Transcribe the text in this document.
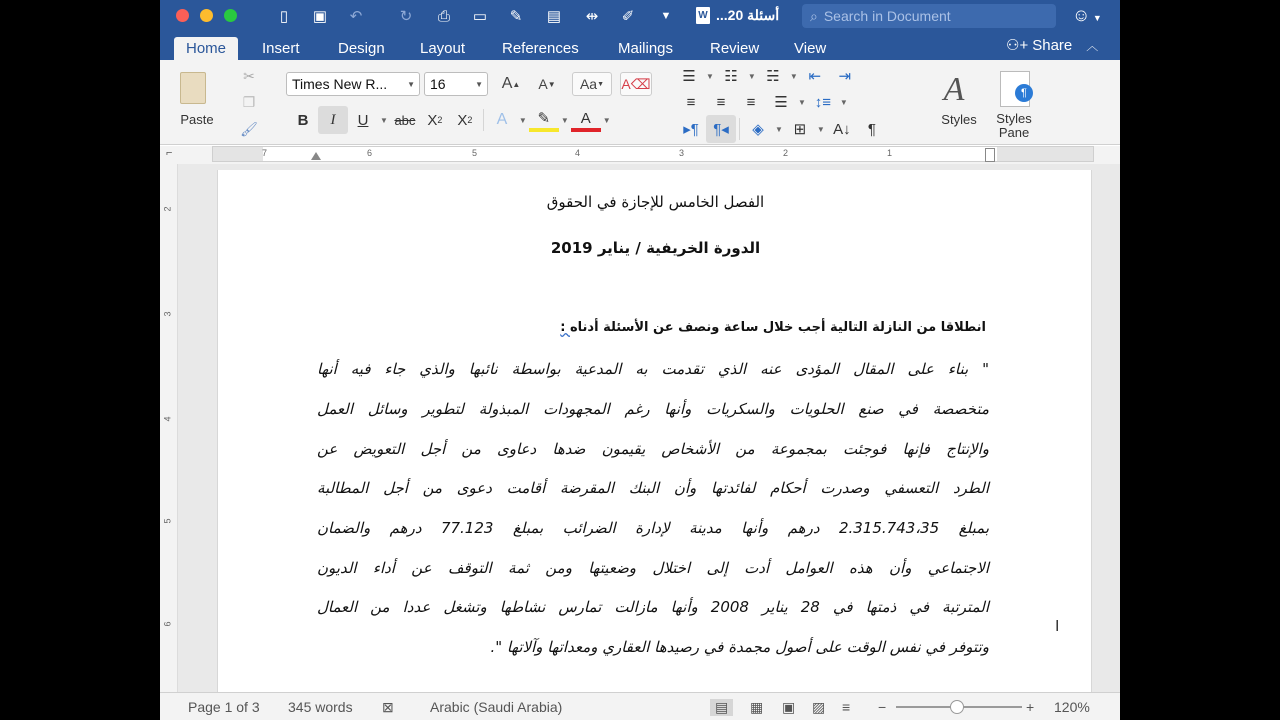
▯	▣	↶	↻	⎙	▭	✎	▤	⇹	✐	▼	W أسئلة 20... ⌕ Search in Document	☺ ▼
Home	Insert	Design	Layout	References	Mailings	Review	View	⚇+ Share ︿
Paste
✂
❐
🖌
Times New R... ▼ 16	▼	A ▲	A ▼	Aa ▼ A⌫
B	I	U	▼ abc X 2 X 2	A	▼ ✎	▼ A	▼
☰	▼ ☷	▼ ☵	▼ ⇤	⇥
≡	≡	≡	☰	▼ ↕≡	▼
▸¶ ¶◂	◈	▼ ⊞	▼ A↓	¶
A
Styles
¶
Styles Pane
⌐	7	6	5	4	3	2	1
2
3
4
5
6
الفصل الخامس للإجازة في الحقوق
الدورة الخريفية / يناير 2019
انطلاقا من النازلة التالية أجب خلال ساعة ونصف عن الأسئلة أدناه :
" بناء على المقال المؤدى عنه الذي تقدمت به المدعية بواسطة نائبها والذي جاء فيه أنها
متخصصة في صنع الحلويات والسكريات وأنها رغم المجهودات المبذولة لتطوير وسائل العمل
والإنتاج فإنها فوجئت بمجموعة من الأشخاص يقيمون ضدها دعاوى من أجل التعويض عن
الطرد التعسفي وصدرت أحكام لفائدتها وأن البنك المقرضة أقامت دعوى من أجل المطالبة
بمبلغ 2.315.743،35 درهم وأنها مدينة لإدارة الضرائب بمبلغ 77.123 درهم والضمان
الاجتماعي وأن هذه العوامل أدت إلى اختلال وضعيتها ومن ثمة التوقف عن أداء الديون
المترتبة في ذمتها في 28 يناير 2008 وأنها مازالت تمارس نشاطها وتشغل عددا من العمال
وتتوفر في نفس الوقت على أصول مجمدة في رصيدها العقاري ومعداتها وآلاتها ".
I
Page 1 of 3 345 words ⊠	Arabic (Saudi Arabia)	▤	▦ ▣ ▨ ≡ −	+ 120%
